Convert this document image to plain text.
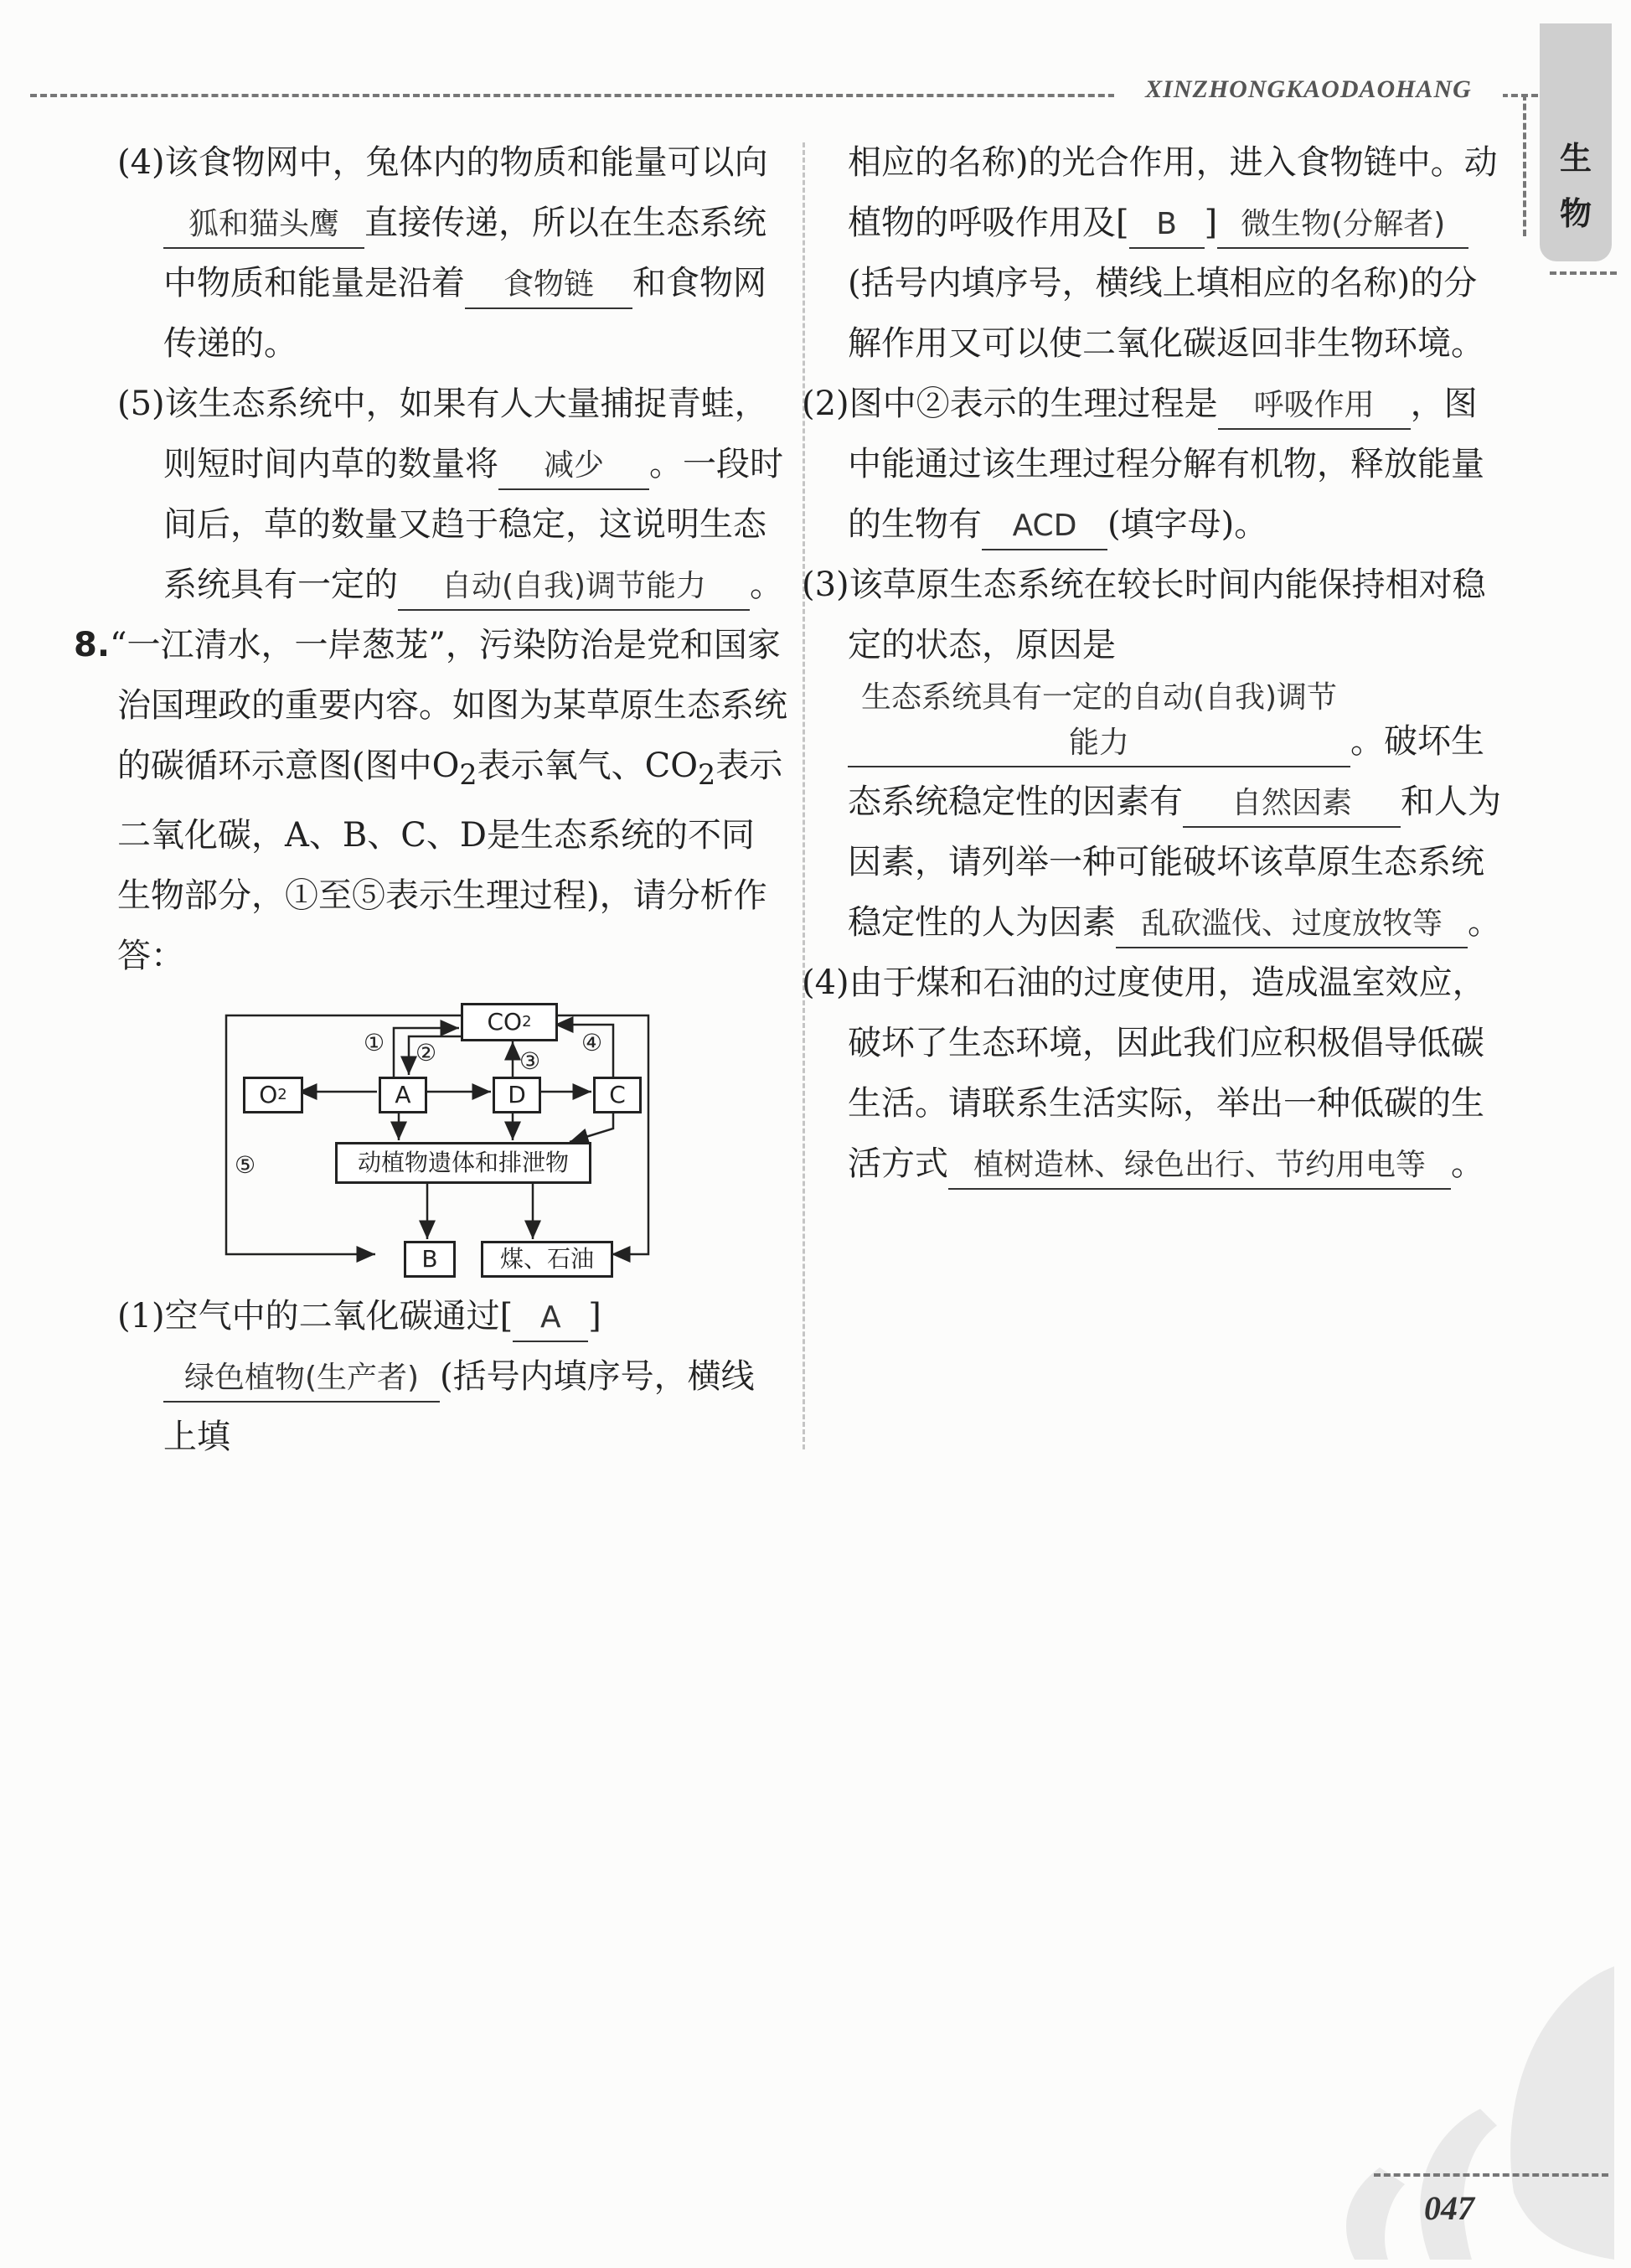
XINZHONGKAODAOHANG
生
物

(4)该食物网中，兔体内的物质和能量可以向狐和猫头鹰 直接传递，所以在生态系统中物质和能量是沿着 食物链 和食物网传递的。

(5)该生态系统中，如果有人大量捕捉青蛙，则短时间内草的数量将 减少 。一段时间后，草的数量又趋于稳定，这说明生态系统具有一定的 自动(自我)调节能力 。

8.“一江清水，一岸葱茏”，污染防治是党和国家治国理政的重要内容。如图为某草原生态系统的碳循环示意图(图中$O_2$表示氧气、$CO_2$表示二氧化碳，A、B、C、D是生态系统的不同生物部分，①至⑤表示生理过程)，请分析作答：

CO 2
O 2	A	D	C
动植物遗体和排泄物
B	煤、石油
① ②	③
④
⑤

(1)空气中的二氧化碳通过[ A ]绿色植物(生产者) (括号内填序号，横线上填

相应的名称)的光合作用，进入食物链中。动植物的呼吸作用及[ B ] 微生物(分解者)(括号内填序号，横线上填相应的名称)的分解作用又可以使二氧化碳返回非生物环境。

(2)图中②表示的生理过程是 呼吸作用 ，图中能通过该生理过程分解有机物，释放能量的生物有 ACD (填字母)。

(3)该草原生态系统在较长时间内能保持相对稳定的状态，原因是生态系统具有一定的自动(自我)调节能力	。破坏生态系统稳定性的因素有 自然因素 和人为因素，请列举一种可能破坏该草原生态系统稳定性的人为因素 乱砍滥伐、过度放牧等 。

(4)由于煤和石油的过度使用，造成温室效应，破坏了生态环境，因此我们应积极倡导低碳生活。请联系生活实际，举出一种低碳的生活方式 植树造林、绿色出行、节约用电等 。

047
